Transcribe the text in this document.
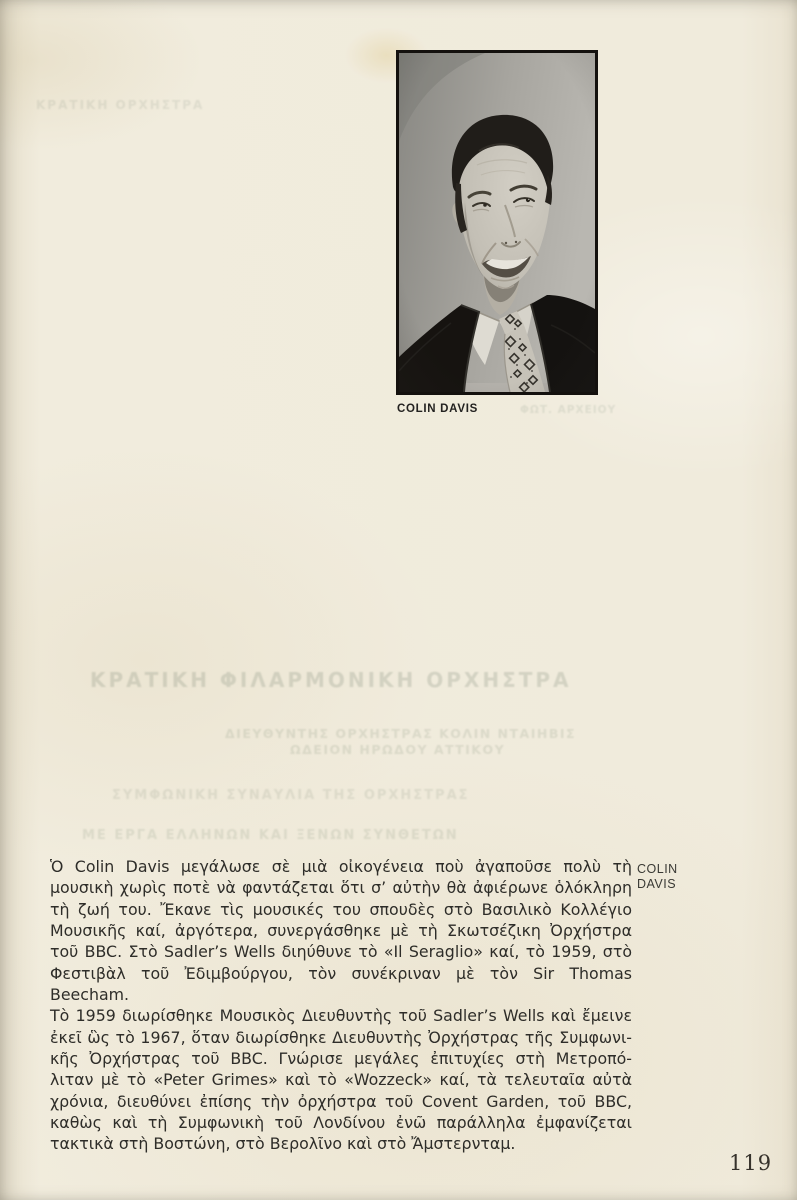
ΚΡΑΤΙΚΗ ΟΡΧΗΣΤΡΑ
ΚΡΑΤΙΚΗ ΦΙΛΑΡΜΟΝΙΚΗ ΟΡΧΗΣΤΡΑ
ΔΙΕΥΘΥΝΤΗΣ ΟΡΧΗΣΤΡΑΣ ΚΟΛΙΝ ΝΤΑΙΗΒΙΣ
ΩΔΕΙΟΝ ΗΡΩΔΟΥ ΑΤΤΙΚΟΥ
ΣΥΜΦΩΝΙΚΗ ΣΥΝΑΥΛΙΑ ΤΗΣ ΟΡΧΗΣΤΡΑΣ
ΜΕ ΕΡΓΑ ΕΛΛΗΝΩΝ ΚΑΙ ΞΕΝΩΝ ΣΥΝΘΕΤΩΝ
ΦΩΤ. ΑΡΧΕΙΟΥ
COLIN DAVIS
COLIN
DAVIS
Ὁ Colin Davis μεγάλωσε σὲ μιὰ οἰκογένεια ποὺ ἀγαποῦσε πολὺ τὴ
μουσικὴ χωρὶς ποτὲ νὰ φαντάζεται ὅτι σ’ αὐτὴν θὰ ἀφιέρωνε ὁλόκληρη
τὴ ζωή του. Ἔκανε τὶς μουσικές του σπουδὲς στὸ Βασιλικὸ Κολλέγιο
Μουσικῆς καί, ἀργότερα, συνεργάσθηκε μὲ τὴ Σκωτσέζικη Ὀρχήστρα
τοῦ BBC. Στὸ Sadler’s Wells διηύθυνε τὸ «Il Seraglio» καί, τὸ 1959, στὸ
Φεστιβὰλ τοῦ Ἐδιμβούργου, τὸν συνέκριναν μὲ τὸν Sir Thomas Beecham.
Τὸ 1959 διωρίσθηκε Μουσικὸς Διευθυντὴς τοῦ Sadler’s Wells καὶ ἔμεινε
ἐκεῖ ὣς τὸ 1967, ὅταν διωρίσθηκε Διευθυντὴς Ὀρχήστρας τῆς Συμφωνι-
κῆς Ὀρχήστρας τοῦ BBC. Γνώρισε μεγάλες ἐπιτυχίες στὴ Μετροπό-
λιταν μὲ τὸ «Peter Grimes» καὶ τὸ «Wozzeck» καί, τὰ τελευταῖα αὐτὰ
χρόνια, διευθύνει ἐπίσης τὴν ὀρχήστρα τοῦ Covent Garden, τοῦ BBC,
καθὼς καὶ τὴ Συμφωνικὴ τοῦ Λονδίνου ἐνῶ παράλληλα ἐμφανίζεται
τακτικὰ στὴ Βοστώνη, στὸ Βερολῖνο καὶ στὸ Ἄμστερνταμ.
119
